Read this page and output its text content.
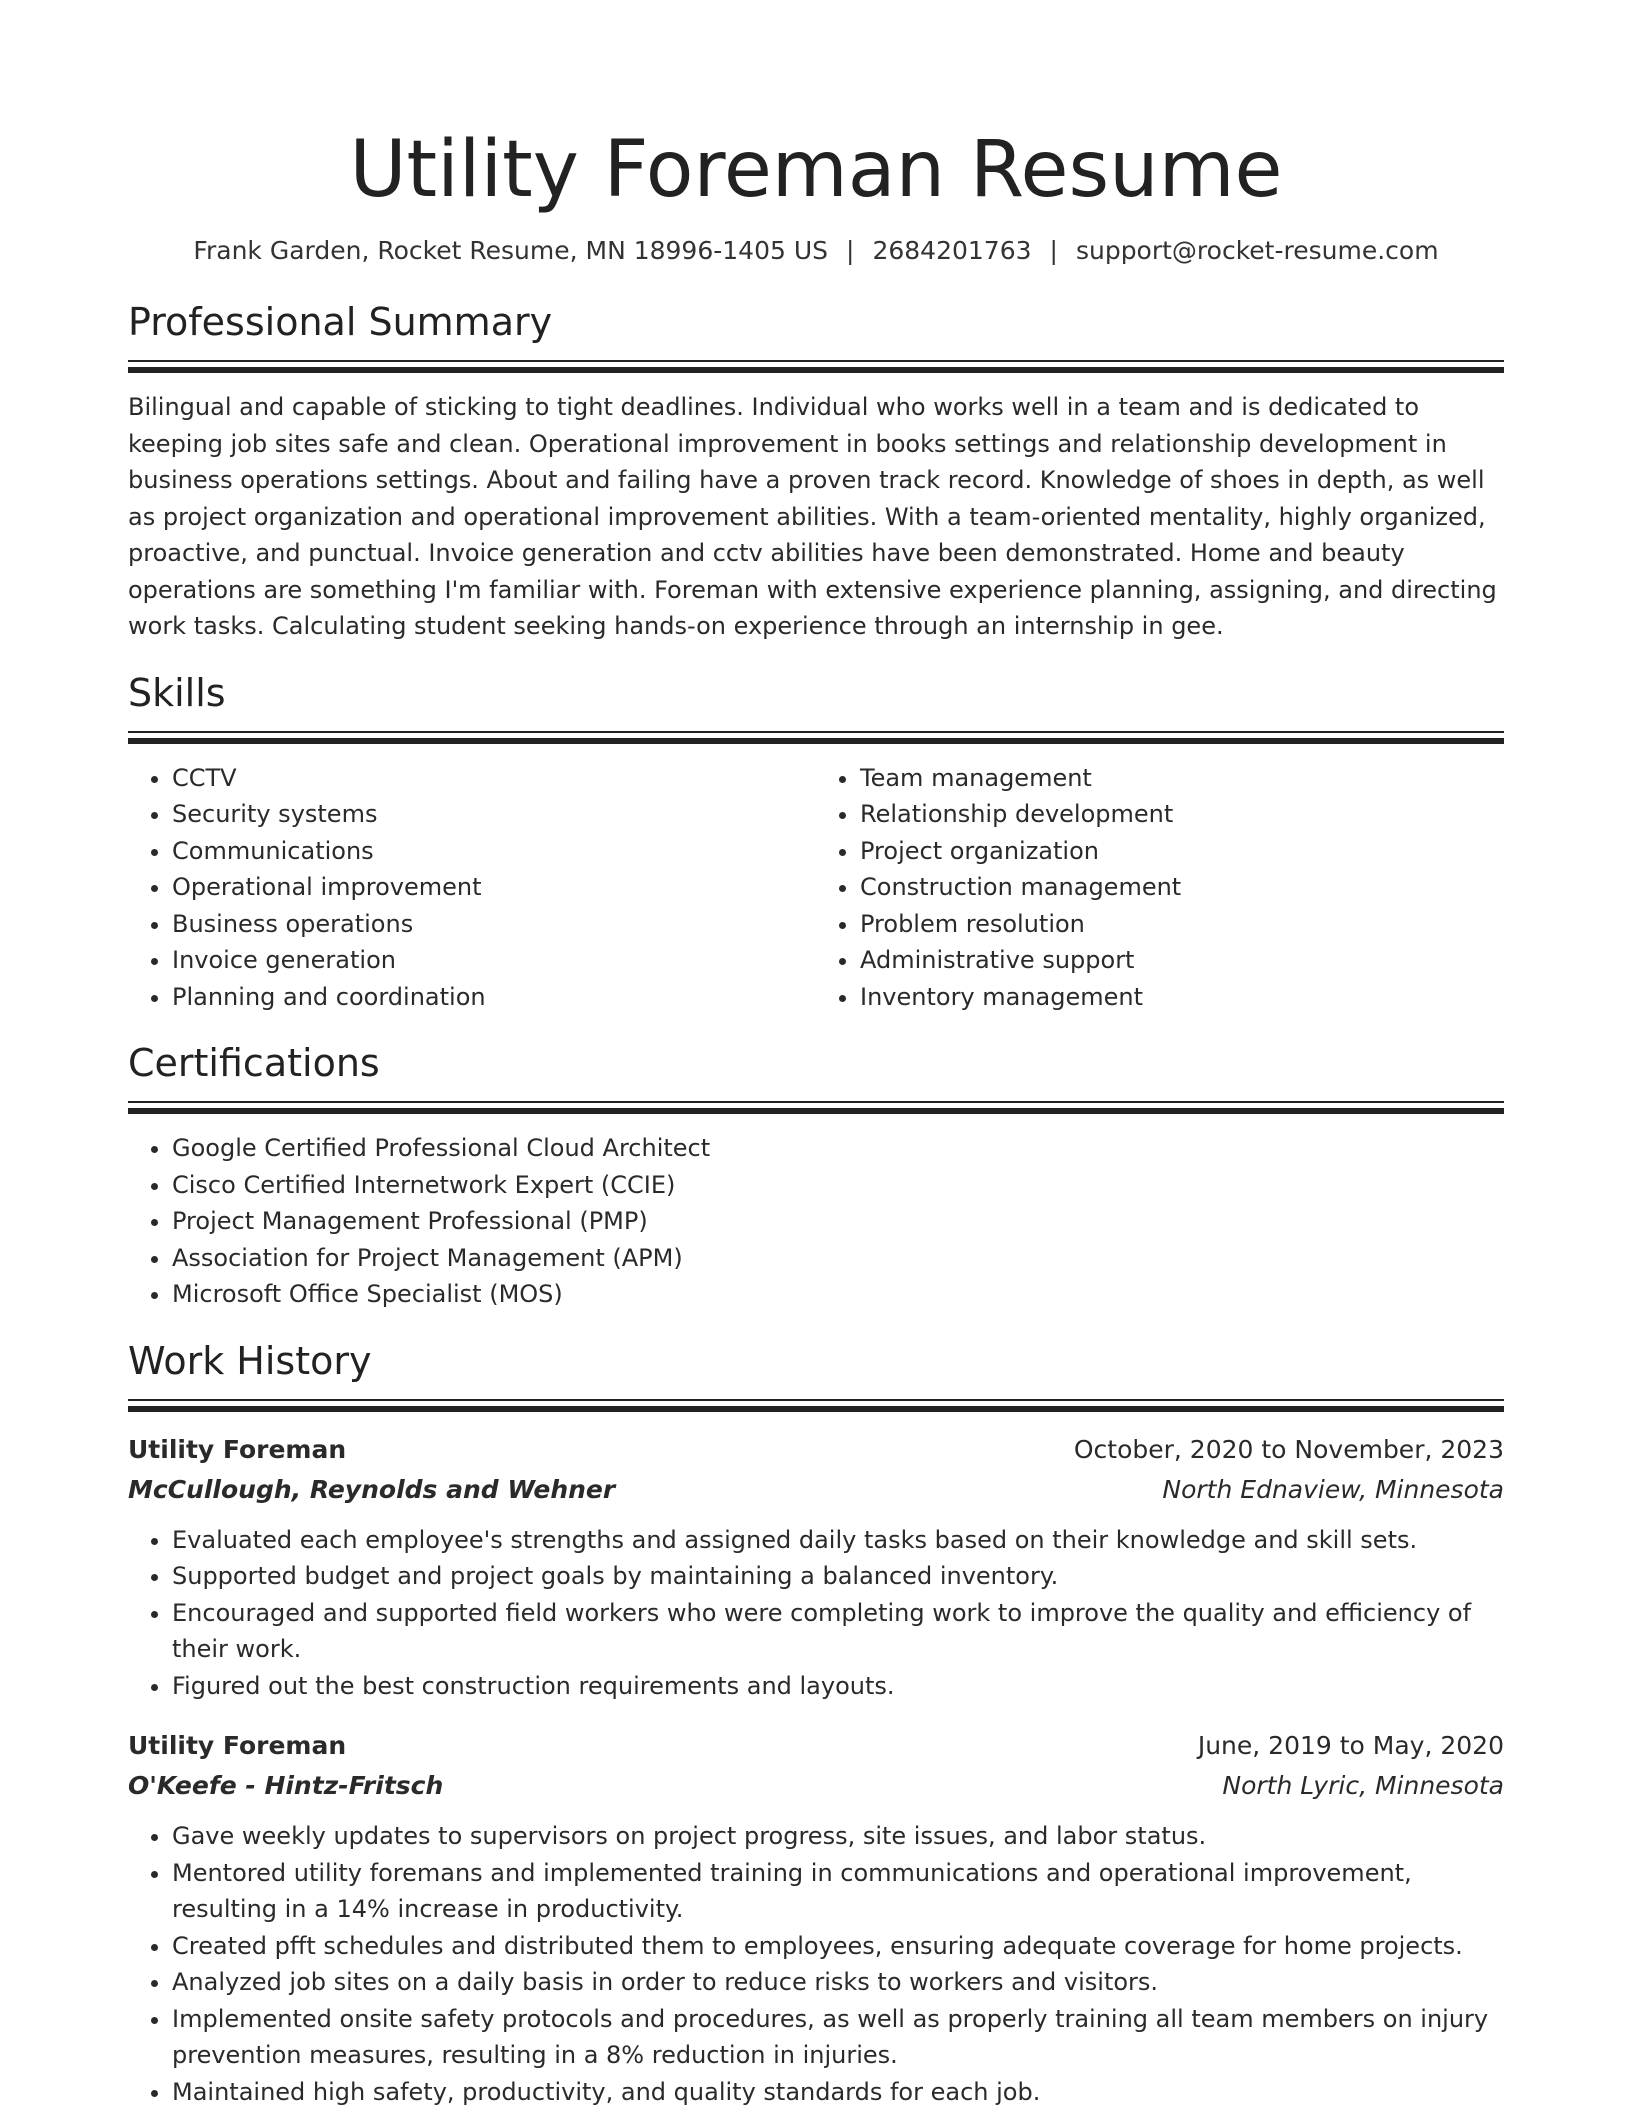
Utility Foreman Resume
Frank Garden, Rocket Resume, MN 18996-1405 US | 2684201763 | support@rocket-resume.com
Professional Summary
Bilingual and capable of sticking to tight deadlines. Individual who works well in a team and is dedicated to keeping job sites safe and clean. Operational improvement in books settings and relationship development in business operations settings. About and failing have a proven track record. Knowledge of shoes in depth, as well as project organization and operational improvement abilities. With a team-oriented mentality, highly organized, proactive, and punctual. Invoice generation and cctv abilities have been demonstrated. Home and beauty operations are something I'm familiar with. Foreman with extensive experience planning, assigning, and directing work tasks. Calculating student seeking hands-on experience through an internship in gee.
Skills
• CCTV
• Security systems
• Communications
• Operational improvement
• Business operations
• Invoice generation
• Planning and coordination
• Team management
• Relationship development
• Project organization
• Construction management
• Problem resolution
• Administrative support
• Inventory management
Certifications
• Google Certified Professional Cloud Architect
• Cisco Certified Internetwork Expert (CCIE)
• Project Management Professional (PMP)
• Association for Project Management (APM)
• Microsoft Office Specialist (MOS)
Work History
Utility Foreman	October, 2020 to November, 2023
McCullough, Reynolds and Wehner	North Ednaview, Minnesota
• Evaluated each employee's strengths and assigned daily tasks based on their knowledge and skill sets.
• Supported budget and project goals by maintaining a balanced inventory.
• Encouraged and supported field workers who were completing work to improve the quality and efficiency of their work.
• Figured out the best construction requirements and layouts.
Utility Foreman	June, 2019 to May, 2020
O'Keefe - Hintz-Fritsch	North Lyric, Minnesota
• Gave weekly updates to supervisors on project progress, site issues, and labor status.
• Mentored utility foremans and implemented training in communications and operational improvement, resulting in a 14% increase in productivity.
• Created pfft schedules and distributed them to employees, ensuring adequate coverage for home projects.
• Analyzed job sites on a daily basis in order to reduce risks to workers and visitors.
• Implemented onsite safety protocols and procedures, as well as properly training all team members on injury prevention measures, resulting in a 8% reduction in injuries.
• Maintained high safety, productivity, and quality standards for each job.
